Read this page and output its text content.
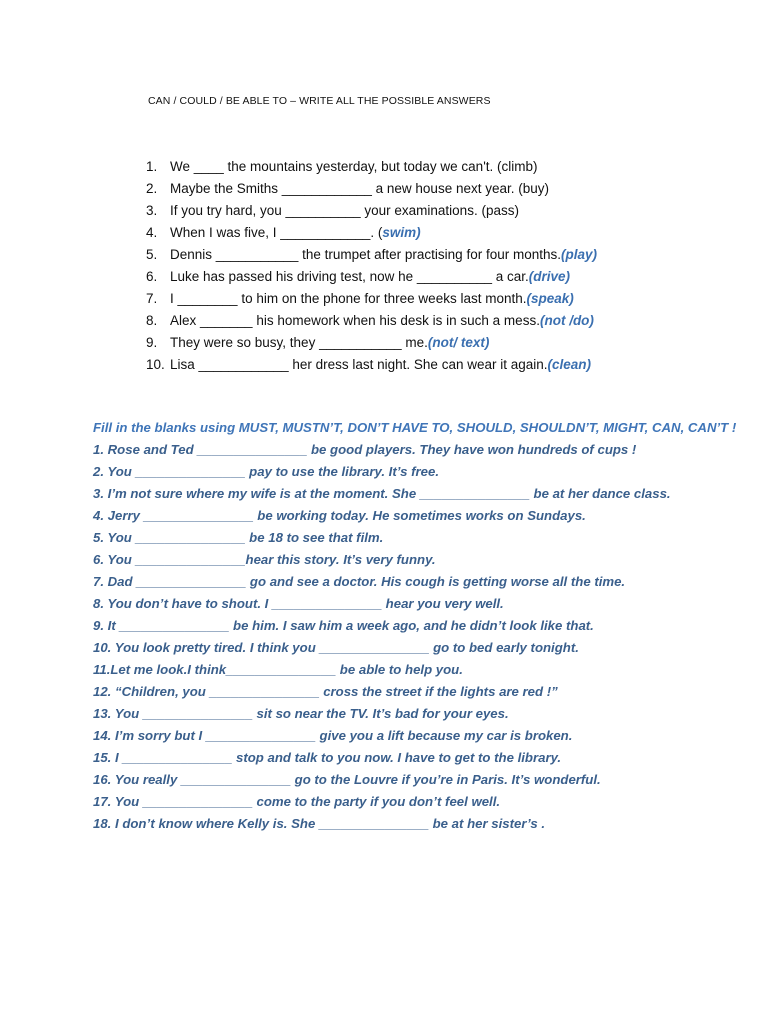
CAN / COULD / BE ABLE TO – WRITE ALL THE POSSIBLE ANSWERS
1. We ____ the mountains yesterday, but today we can't. (climb)
2. Maybe the Smiths ____________ a new house next year. (buy)
3. If you try hard, you __________ your examinations. (pass)
4. When I was five, I ____________. ( swim)
5. Dennis ___________ the trumpet after practising for four months. (play)
6. Luke has passed his driving test, now he __________ a car. (drive)
7. I ________ to him on the phone for three weeks last month. (speak)
8. Alex _______ his homework when his desk is in such a mess. (not /do)
9. They were so busy, they ___________ me. (not/ text)
10. Lisa ____________ her dress last night. She can wear it again. (clean)

Fill in the blanks using MUST, MUSTN’T, DON’T HAVE TO, SHOULD, SHOULDN’T, MIGHT, CAN, CAN’T !

1. Rose and Ted _______________ be good players. They have won hundreds of cups !

2. You _______________ pay to use the library. It’s free.

3. I’m not sure where my wife is at the moment. She _______________ be at her dance class.

4. Jerry _______________ be working today. He sometimes works on Sundays.

5. You _______________ be 18 to see that film.

6. You _______________hear this story. It’s very funny.

7. Dad _______________ go and see a doctor. His cough is getting worse all the time.

8. You don’t have to shout. I _______________ hear you very well.

9. It _______________ be him. I saw him a week ago, and he didn’t look like that.

10. You look pretty tired. I think you _______________ go to bed early tonight.

11.Let me look.I think_______________ be able to help you.

12. “Children, you _______________ cross the street if the lights are red !”

13. You _______________ sit so near the TV. It’s bad for your eyes.

14. I’m sorry but I _______________ give you a lift because my car is broken.

15. I _______________ stop and talk to you now. I have to get to the library.

16. You really _______________ go to the Louvre if you’re in Paris. It’s wonderful.

17. You _______________ come to the party if you don’t feel well.

18. I don’t know where Kelly is. She _______________ be at her sister’s .
